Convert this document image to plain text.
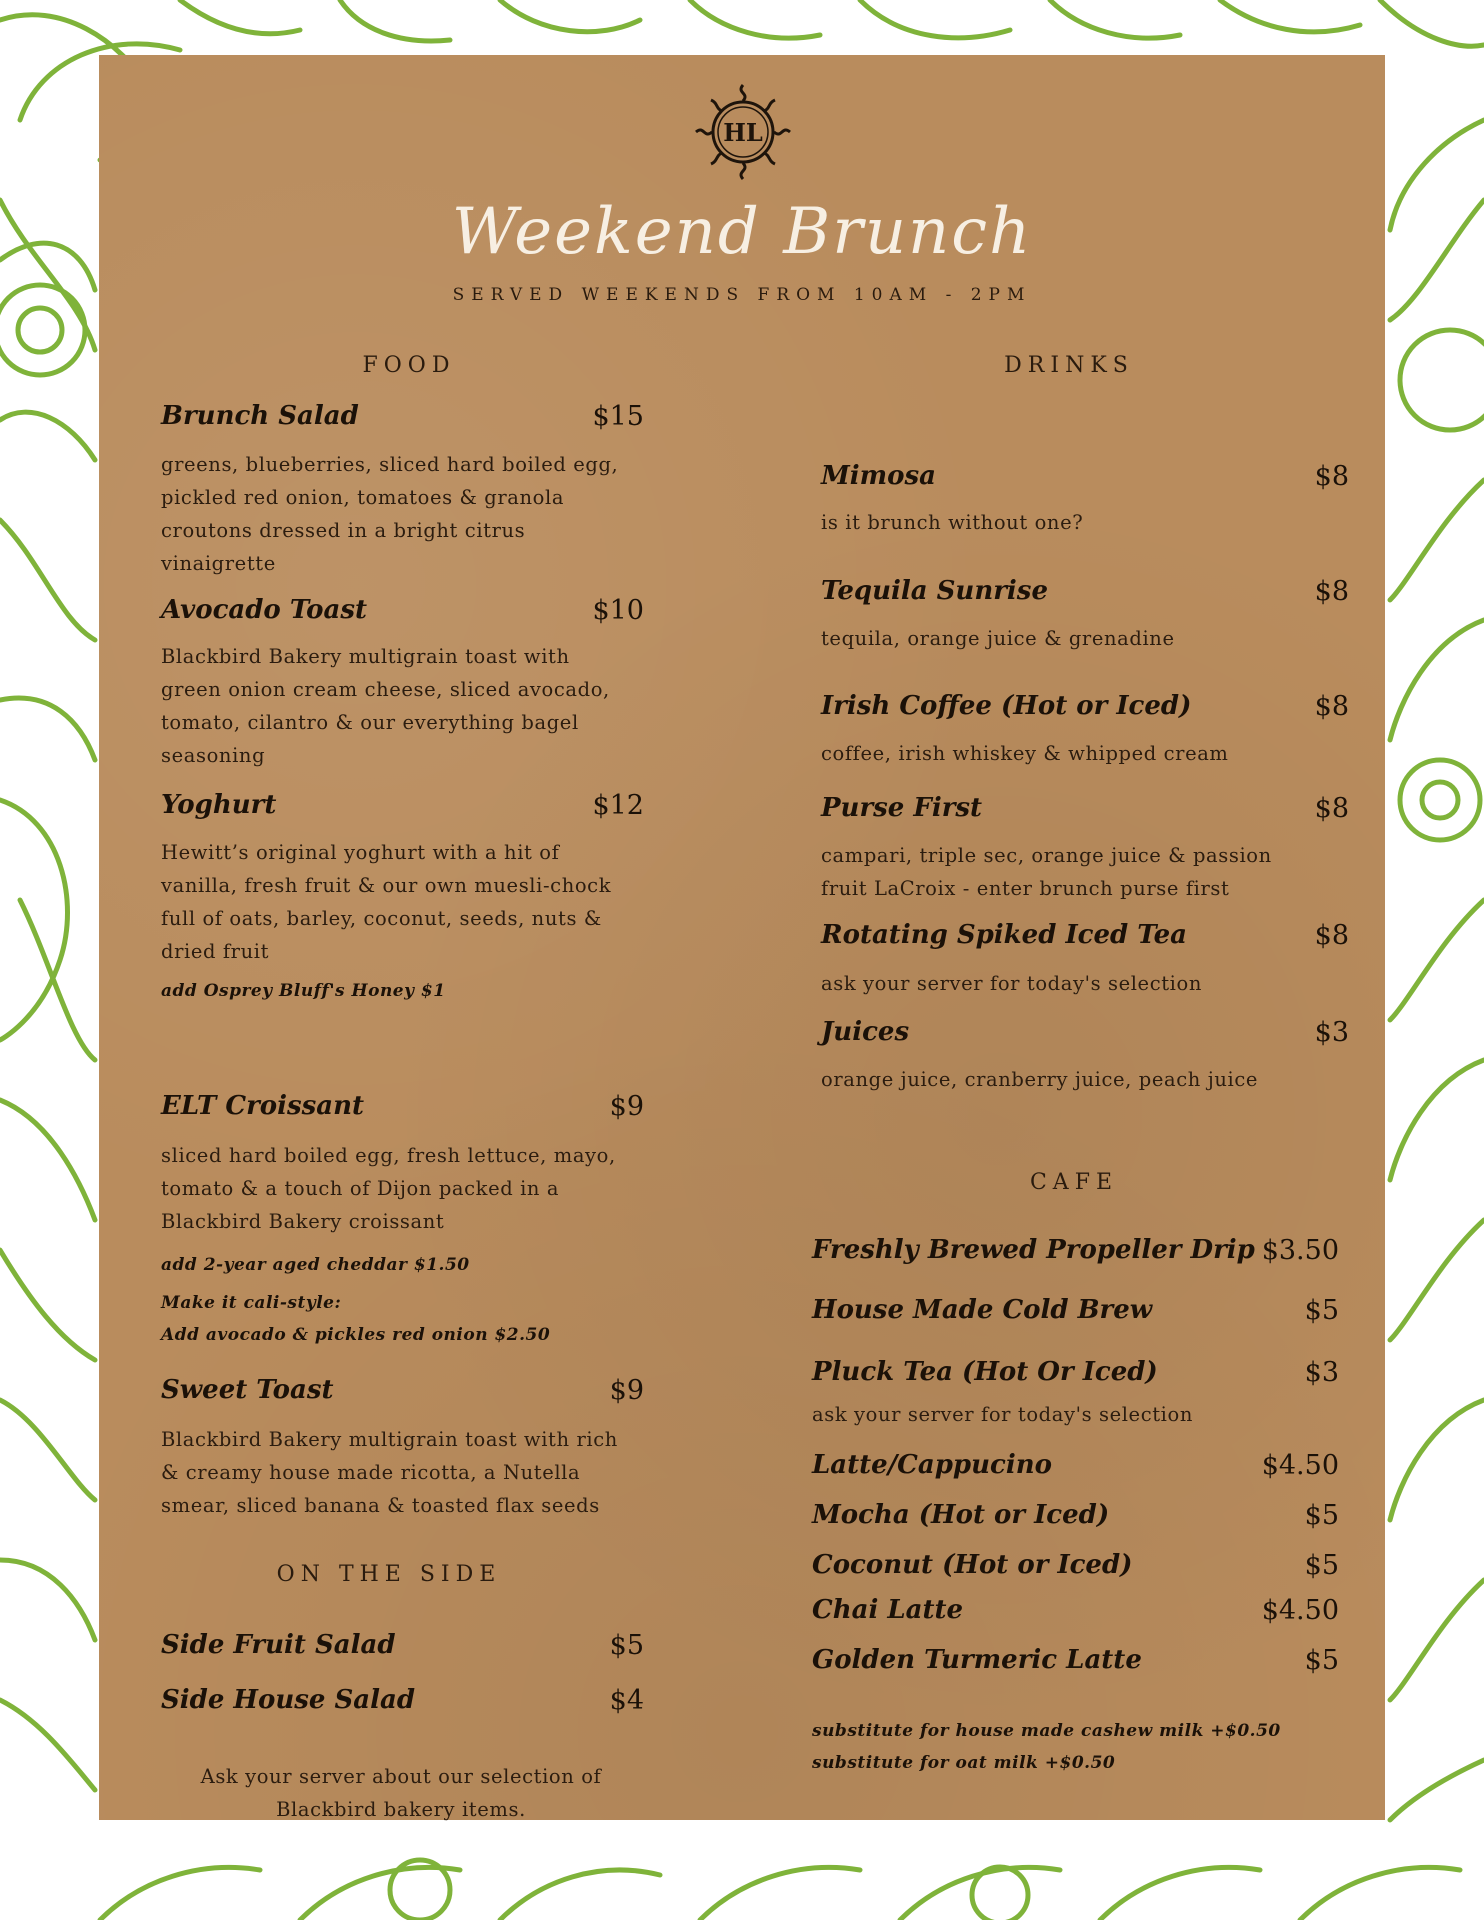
HL
Weekend Brunch
SERVED WEEKENDS FROM 10AM - 2PM
FOOD
Brunch Salad	$15
greens, blueberries, sliced hard boiled egg,
pickled red onion, tomatoes & granola
croutons dressed in a bright citrus
vinaigrette
Avocado Toast	$10
Blackbird Bakery multigrain toast with
green onion cream cheese, sliced avocado,
tomato, cilantro & our everything bagel
seasoning
Yoghurt	$12
Hewitt’s original yoghurt with a hit of
vanilla, fresh fruit & our own muesli-chock
full of oats, barley, coconut, seeds, nuts &
dried fruit
add Osprey Bluff's Honey $1
ELT Croissant	$9
sliced hard boiled egg, fresh lettuce, mayo,
tomato & a touch of Dijon packed in a
Blackbird Bakery croissant
add 2-year aged cheddar $1.50
Make it cali-style:
Add avocado & pickles red onion $2.50
Sweet Toast	$9
Blackbird Bakery multigrain toast with rich
& creamy house made ricotta, a Nutella
smear, sliced banana & toasted flax seeds
ON THE SIDE
Side Fruit Salad	$5
Side House Salad	$4
Ask your server about our selection of
Blackbird bakery items.
DRINKS
Mimosa	$8
is it brunch without one?
Tequila Sunrise	$8
tequila, orange juice & grenadine
Irish Coffee (Hot or Iced)	$8
coffee, irish whiskey & whipped cream
Purse First	$8
campari, triple sec, orange juice & passion
fruit LaCroix - enter brunch purse first
Rotating Spiked Iced Tea	$8
ask your server for today's selection
Juices	$3
orange juice, cranberry juice, peach juice
CAFE
Freshly Brewed Propeller Drip $3.50
House Made Cold Brew	$5
Pluck Tea (Hot Or Iced)	$3
ask your server for today's selection
Latte/Cappucino	$4.50
Mocha (Hot or Iced)	$5
Coconut (Hot or Iced)	$5
Chai Latte	$4.50
Golden Turmeric Latte	$5
substitute for house made cashew milk +$0.50
substitute for oat milk +$0.50
